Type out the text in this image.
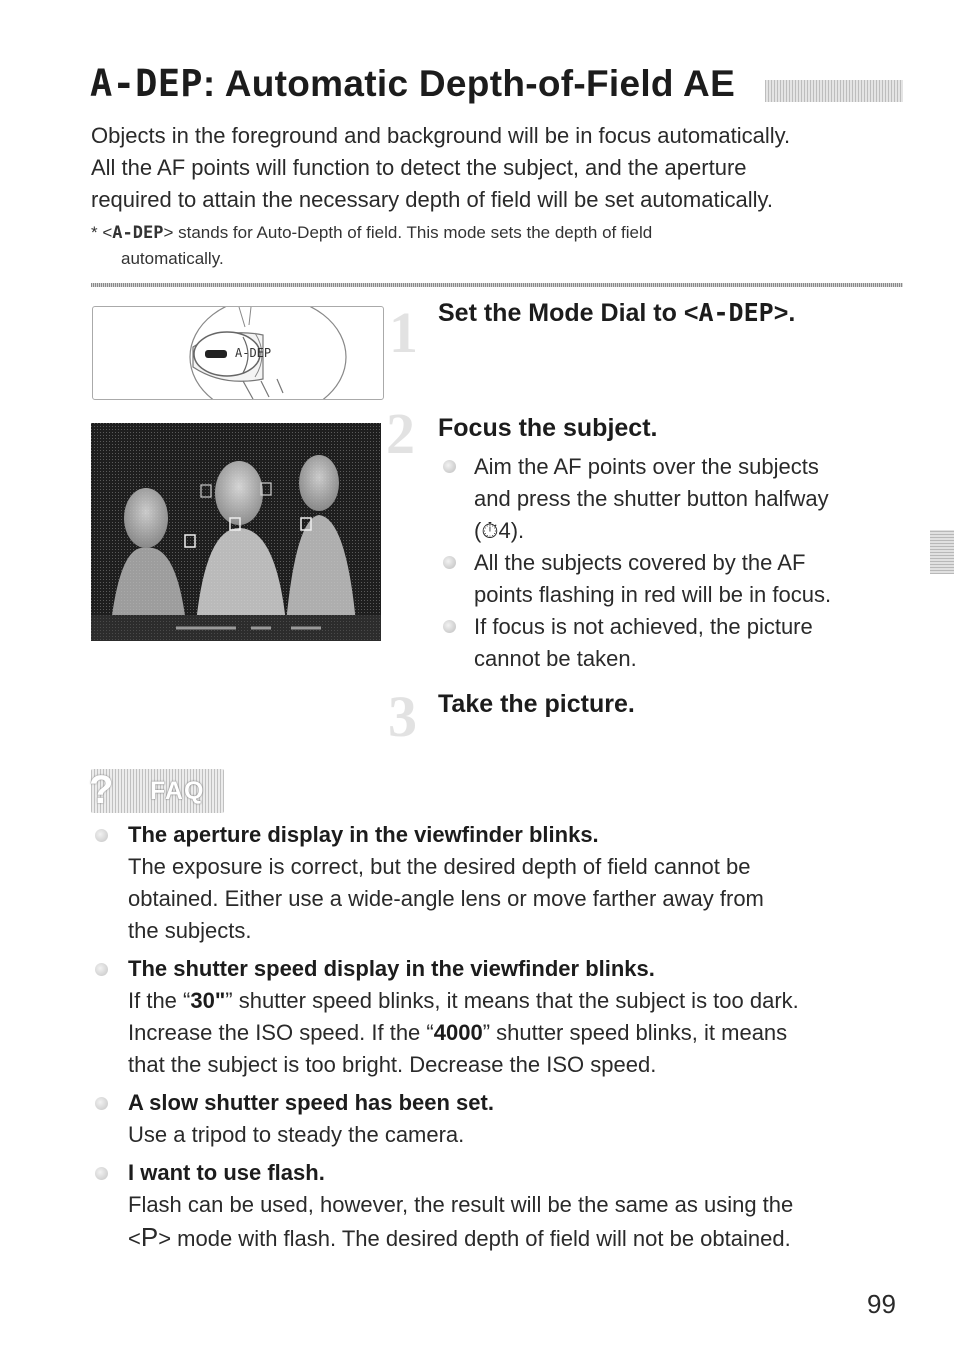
A-DEP: Automatic Depth-of-Field AE

Objects in the foreground and background will be in focus automatically.

All the AF points will function to detect the subject, and the aperture

required to attain the necessary depth of field will be set automatically.

* <A-DEP> stands for Auto-Depth of field. This mode sets the depth of field
automatically.
A-DEP 1 Set the Mode Dial to <A-DEP>.
2 Focus the subject.
Aim the AF points over the subjects
and press the shutter button halfway
(⏱4).
All the subjects covered by the AF
points flashing in red will be in focus.
If focus is not achieved, the picture
cannot be taken.
3 Take the picture.
? FAQ
The aperture display in the viewfinder blinks.
The exposure is correct, but the desired depth of field cannot be
obtained. Either use a wide-angle lens or move farther away from
the subjects.
The shutter speed display in the viewfinder blinks.
If the “30"” shutter speed blinks, it means that the subject is too dark.
Increase the ISO speed. If the “4000” shutter speed blinks, it means
that the subject is too bright. Decrease the ISO speed.
A slow shutter speed has been set.
Use a tripod to steady the camera.
I want to use flash.
Flash can be used, however, the result will be the same as using the
<P> mode with flash. The desired depth of field will not be obtained.
99
